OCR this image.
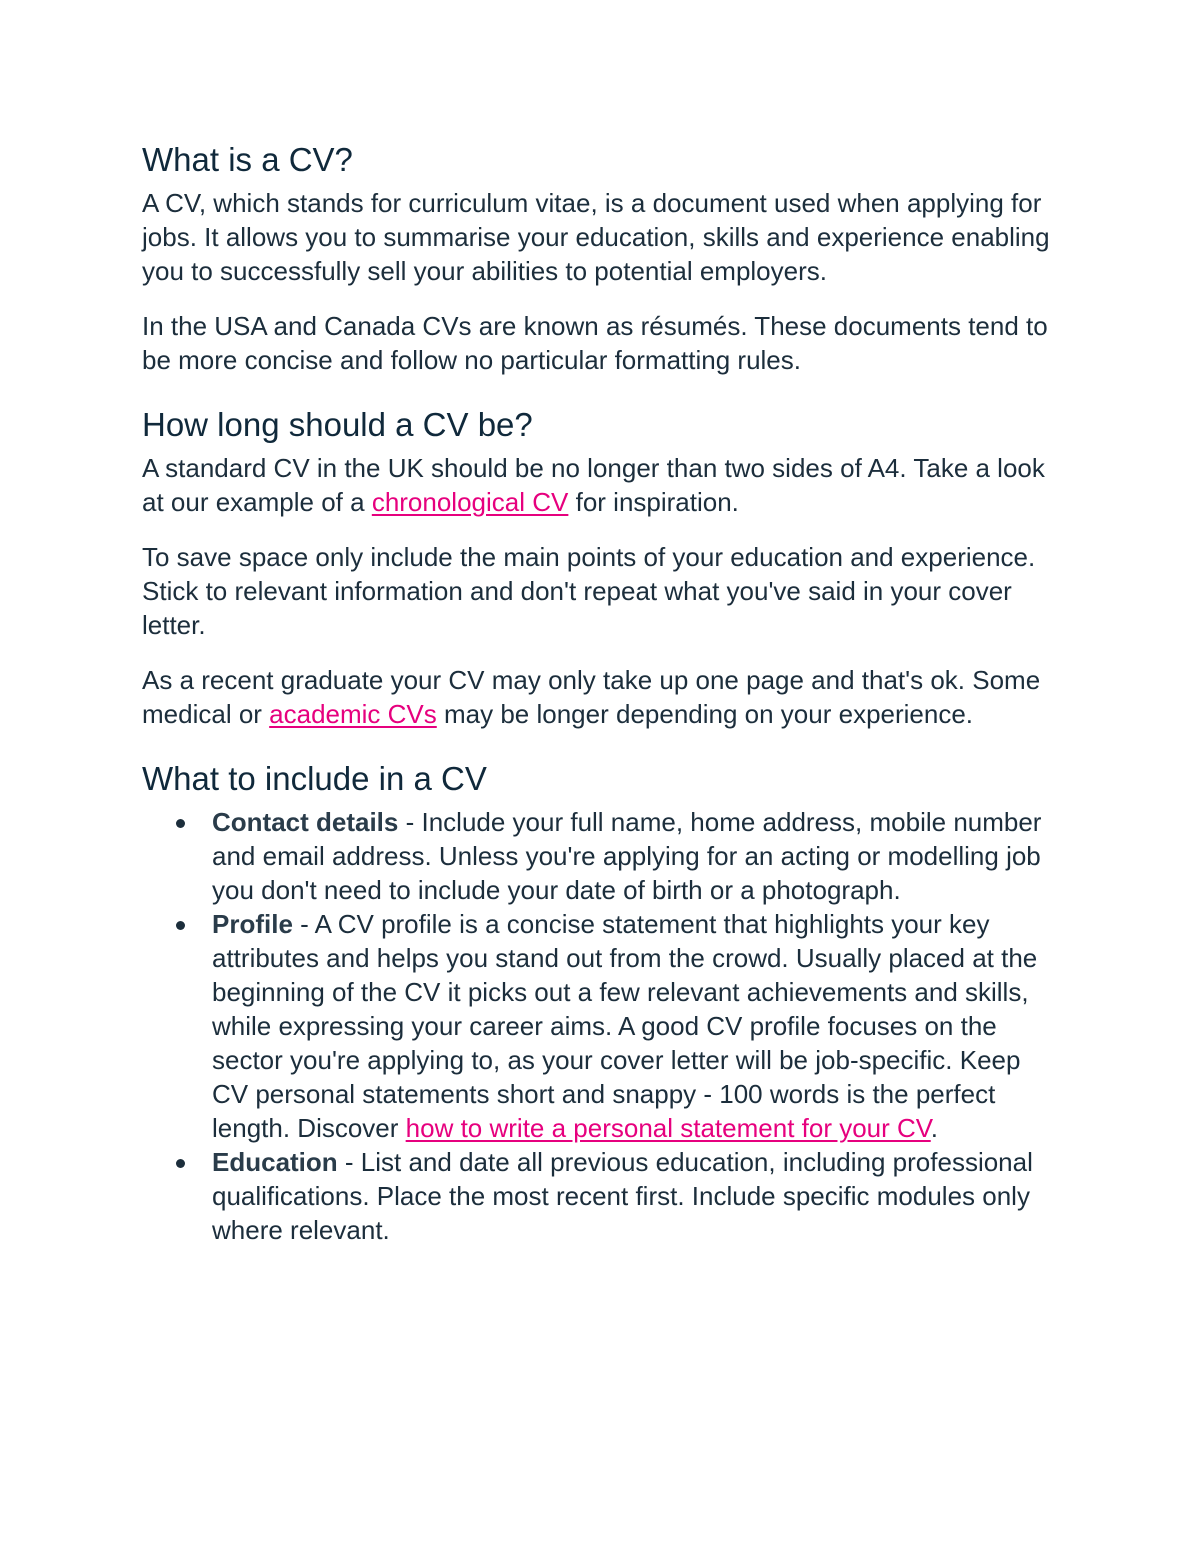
What is a CV?

A CV, which stands for curriculum vitae, is a document used when applying for jobs. It allows you to summarise your education, skills and experience enabling you to successfully sell your abilities to potential employers.

In the USA and Canada CVs are known as résumés. These documents tend to be more concise and follow no particular formatting rules.

How long should a CV be?

A standard CV in the UK should be no longer than two sides of A4. Take a look at our example of a chronological CV for inspiration.

To save space only include the main points of your education and experience. Stick to relevant information and don't repeat what you've said in your cover letter.

As a recent graduate your CV may only take up one page and that's ok. Some medical or academic CVs may be longer depending on your experience.

What to include in a CV
Contact details - Include your full name, home address, mobile number and email address. Unless you're applying for an acting or modelling job you don't need to include your date of birth or a photograph.
Profile - A CV profile is a concise statement that highlights your key attributes and helps you stand out from the crowd. Usually placed at the beginning of the CV it picks out a few relevant achievements and skills, while expressing your career aims. A good CV profile focuses on the sector you're applying to, as your cover letter will be job-specific. Keep CV personal statements short and snappy - 100 words is the perfect length. Discover how to write a personal statement for your CV.
Education - List and date all previous education, including professional qualifications. Place the most recent first. Include specific modules only where relevant.
